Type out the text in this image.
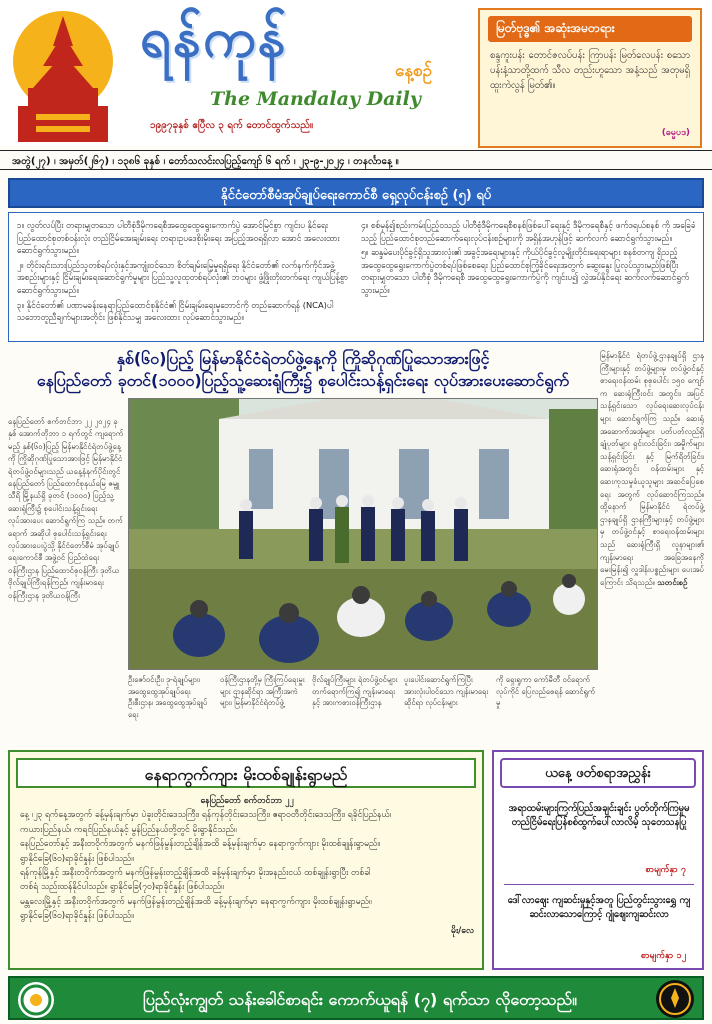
ရန်ကုန်
နေ့စဉ်
The Mandalay Daily
၁၉၉၇ခုနှစ် ဧပြီလ ၃ ရက် တောင်ထွက်သည်။
မြတ်ဗုဒ္ဓ၏ အဆုံးအမတရား
စန္ဒကူးပန်း တောင်ဇလပ်ပန်း ကြာပန်း မြတ်လေပန်း စသော ပန်းနံ့သာတို့ထက် သီလ တည်းဟူသော အနံ့သည် အတုမရှိ ထူးကဲလွန် မြတ်၏။
(ဓမ္မပဒ)
အတွဲ(၂၇) ၊ အမှတ်(၂၆၇) ၊ ၁၃၈၆ ခုနှစ် ၊ တော်သလင်းလပြည့်ကျော် ၆ ရက် ၊ ၂၃-၉-၂၀၂၄ ၊ တနင်္လာနေ့ ။
နိုင်ငံတော်စီမံအုပ်ချုပ်ရေးကောင်စီ ရှေ့လုပ်ငန်းစဉ် (၅) ရပ်

၁။ လွတ်လပ်ပြီး တရားမျှတသော ပါတီစုံဒီမိုကရေစီအထွေထွေရွေးကောက်ပွဲ အောင်မြင်စွာ ကျင်းပ နိုင်ရေး ပြည်ထောင်စုတစ်ဝန်းလုံး တည်ငြိမ်အေးချမ်းရေး တရားဥပဒေစိုးမိုးရေး အပြည့်အဝရရှိလာ အောင် အလေးထားဆောင်ရွက်သွားမည်။

၂။ တိုင်းရင်းသားပြည်သူတစ်ရပ်လုံးနှင့်အကျုံးဝင်သော စိတ်ချမ်းမြေ့မှုရရှိရေး နိုင်ငံတော်၏ လက်နက်ကိုင်အဖွဲ့အစည်းများနှင့် ငြိမ်းချမ်းရေးဆောင်ရွက်မှုများ ပြည်သူ့လူထုတစ်ရပ်လုံး၏ ဘဝများ ဖွံ့ဖြိုးတိုးတက်ရေး ကျယ်ပြန့်စွာ ဆောင်ရွက်သွားမည်။

၃။ နိုင်ငံတော်၏ ပဏာမခန်းနေရာပြည်ထောင်စုနိုင်ငံ၏ ငြိမ်းချမ်းရေးမူဘောင်ကို တည်ဆောက်ရန် (NCA)ပါ သဘောတူညီချက်များအတိုင်း ဖြစ်နိုင်သမျှ အလေးထား လုပ်ဆောင်သွားမည်။

၄။ စစ်မှန်၍စည်းကမ်းပြည့်ဝသည့် ပါတီစုံဒီမိုကရေစီစနစ်ဖြစ်ပေါ်ရေးနှင့် ဒီမိုကရေစီနှင့် ဖက်ဒရယ်စနစ် ကို အခြေခံသည့် ပြည်ထောင်စုတည်ဆောက်ရေးလုပ်ငန်းစဉ်များကို အရှိန်အဟုန်ဖြင့် ဆက်လက် ဆောင်ရွက်သွားမည်။

၅။ ဆန္ဒမဲပေးပိုင်ခွင့်ရှိသူအားလုံး၏ အခွင့်အရေးများနှင့် ကိုယ်ပိုင်ခွင့်လူမျိုးတိုင်းရေးရာများ စနစ်တကျ ရှိသည့် အထွေထွေရွေးကောက်ပွဲတစ်ရပ်ဖြစ်စေရေး ပြည်ထောင်စုကြံ့ခိုင်ရေးအတွက် ဆွေးနွေး ပြုလုပ်သွားမည်ဖြစ်ပြီး တရားမျှတသော ပါတီစုံ ဒီမိုကရေစီ အထွေထွေရွေးကောက်ပွဲကို ကျင်းပ၍ လွှဲအပ်နိုင်ရေး ဆက်လက်ဆောင်ရွက်သွားမည်။

နှစ်(၆၀)ပြည့် မြန်မာနိုင်ငံရဲတပ်ဖွဲ့နေ့ကို ကြိုဆိုဂုဏ်ပြုသောအားဖြင့်
နေပြည်တော် ခုတင်(၁၀၀၀)ပြည့်သူ့ဆေးရုံကြီး၌ စုပေါင်းသန့်ရှင်းရေး လုပ်အားပေးဆောင်ရွက်
နေပြည်တော် စက်တင်ဘာ ၂၂ ၂၀၂၄ ခုနှစ် အောက်တိုဘာ ၁ ရက်တွင် ကျရောက်မည့် နှစ်(၆၀)ပြည့် မြန်မာနိုင်ငံရဲတပ်ဖွဲ့နေ့ ကို ကြိုဆိုဂုဏ်ပြုသောအားဖြင့် မြန်မာနိုင်ငံ ရဲတပ်ဖွဲ့ဝင်များသည် ယနေ့နံနက်ပိုင်းတွင် နေပြည်တော် ပြည်ထောင်စုနယ်မြေ ဇမ္ဗူသီရိ မြို့နယ်ရှိ ခုတင် (၁၀၀၀) ပြည့်သူ့ ဆေးရုံကြီး၌ စုပေါင်းသန့်ရှင်းရေး လုပ်အားပေး ဆောင်ရွက်ကြ သည်။ တက်ရောက် အဆိုပါ စုပေါင်းသန့်ရှင်းရေး လုပ်အားပေးပွဲသို့ နိုင်ငံတော်စီမံ အုပ်ချုပ်ရေးကောင်စီ အဖွဲ့ဝင် ပြည်ထဲရေး ဝန်ကြီးဌာန ပြည်ထောင်စုဝန်ကြီး ဒုတိယ ဗိုလ်ချုပ်ကြီးရန်ကြည်၊ ကျန်းမာရေး ဝန်ကြီးဌာန ဒုတိယဝန်ကြီး
မြန်မာနိုင်ငံ ရဲတပ်ဖွဲ့ဌာနချုပ်ရှိ ဌာနကြီးများနှင့် တပ်ဖွဲ့များမှ တပ်ဖွဲ့ဝင်နှင့် စာရေးဝန်ထမ်း စုစုပေါင်း ၁၅၀ ကျော်က ဆေးရုံကြီးဝင်း အတွင်း၊ အပြင် သန့်ရှင်းသော လုပ်ရေးဆေးလုပ်ငန်းများ ဆောင်ရွက်ကြ သည်။ ဆေးရုံအဆောက်အအုံများ ပတ်ပတ်လည်ရှိ ချုံပုတ်များ ရှင်းလင်းခြင်း၊ အမှိုက်များ သန့်ရှင်းခြင်း နှင့် မြက်ရိတ်ခြင်း၊ ဆေးရုံအတွင်း ဝန်ထမ်းများ နှင့် ဆေးကုသမှုခံယူသူများ အဆင်ပြေစေရေး အတွက် လုပ်ဆောင်ကြသည်။ ထို့နောက် မြန်မာနိုင်ငံ ရဲတပ်ဖွဲ့ဌာနချုပ်ရှိ ဌာနကြီးများနှင့် တပ်ဖွဲ့များမှ တပ်ဖွဲ့ဝင်နှင့် စာရေးဝန်ထမ်းများ သည် ဆေးရုံကြီးရှိ လူနာများ၏ ကျန်းမာရေး အခြေအနေကို မေးမြန်း၍ လှူဒါန်းပစ္စည်းများ ပေးအပ်ကြောင်း သိရသည်။ သတင်းစဉ်
ဦးဇော်ဝင်းဦး၊ ဒု-ရဲချုပ်များ၊ အထွေထွေအုပ်ချုပ်ရေး ဦးစီးဌာန၊ အထွေထွေအုပ်ချုပ်ရေး
ဝန်ကြီးဌာနတို့မှ ကြီးကြပ်ရေးမှူးများ ဌာနဆိုင်ရာ အကြီးအကဲများ၊ မြန်မာနိုင်ငံရဲတပ်ဖွဲ့
ဗိုလ်ချုပ်ကြီးများ ရဲတပ်ဖွဲ့ဝင်များ တက်ရောက်ကြ၍ ကျန်းမာရေးနှင့် အားကစားဝန်ကြီးဌာန
ပူးပေါင်းဆောင်ရွက်ကြပြီး အားလုံးပါဝင်သော ကျန်းမာရေးဆိုင်ရာ လုပ်ငန်းများ
ကို ရှေးရှုကာ ကော်မီတီ ဝင်ရောက်လုပ်ကိုင် ပြေလည်စေရန် ဆောင်ရွက်မှု
နေရာကွက်ကျား မိုးထစ်ချုန်းရွာမည်
နေပြည်တော် စက်တင်ဘာ ၂၂
နေ့ ၊၂၃ ရက်နေ့အတွက် ခန့်မှန်းချက်မှာ ပဲခူးတိုင်းဒေသကြီး၊ ရန်ကုန်တိုင်းဒေသကြီး၊ ဧရာဝတီတိုင်းဒေသကြီး၊ ရခိုင်ပြည်နယ်၊
ကယားပြည်နယ်၊ ကရင်ပြည်နယ်နှင့် မွန်ပြည်နယ်တို့တွင် မိုးရွာနိုင်သည်။
နေပြည်တော်နှင့် အနီးတဝိုက်အတွက် မနက်ဖြန်မွန်းတည့်ချိန်အထိ ခန့်မှန်းချက်မှာ နေရာကွက်ကျား မိုးထစ်ချုန်းရွာမည်။
ရွာနိုင်ခြေ(၆၀)ရာခိုင်နှုန်း ဖြစ်ပါသည်။
ရန်ကုန်မြို့နှင့် အနီးတဝိုက်အတွက် မနက်ဖြန်မွန်းတည့်ချိန်အထိ ခန့်မှန်းချက်မှာ မိုးအနည်းငယ် ထစ်ချုန်းရွာပြီး တစ်ခါ
တစ်ရံ သည်းထန်နိုင်ပါသည်။ ရွာနိုင်ခြေ(၇၀)ရာခိုင်နှုန်း ဖြစ်ပါသည်။
မန္တလေးမြို့နှင့် အနီးတဝိုက်အတွက် မနက်ဖြန်မွန်းတည့်ချိန်အထိ ခန့်မှန်းချက်မှာ နေရာကွက်ကျား မိုးထစ်ချုန်းရွာမည်။
ရွာနိုင်ခြေ(၆၀)ရာခိုင်နှုန်း ဖြစ်ပါသည်။
မိုး/လေ
ယနေ့ ဖတ်စရာအညွှန်း
အရာထမ်းများကြက်ပြည်အချင်းချင်း ပွတ်တိုက်ကြမှုမ တည်ငြိမ်ရေးပြန်စစ်ထွက်ပေါ်လာလိမ့် သုတေသနပြု
စာမျက်နှာ ၇
ဒေါ်လာဈေး ကျဆင်းမှုနှင့်အတူ ပြည်တွင်းသွားရွှေ ကျဆင်းလာသောကြောင့် ဂျုံဈေးကျဆင်းလာ
စာမျက်နှာ ၁၂
ပြည်လုံးကျွတ် သန်းခေါင်စာရင်း ကောက်ယူရန် (၇) ရက်သာ လိုတော့သည်။
